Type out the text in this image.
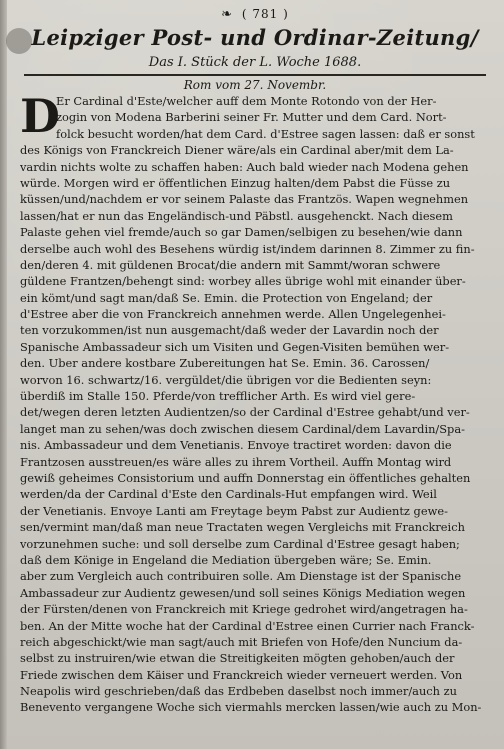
❧ ( 781 )
Leipziger Post- und Ordinar-Zeitung/
Das I. Stück der L. Woche 1688.
Rom vom 27. Novembr.
D
Er Cardinal d'Este/welcher auff dem Monte Rotondo von der Her-
zogin von Modena Barberini seiner Fr. Mutter und dem Card. Nort-
folck besucht worden/hat dem Card. d'Estree sagen lassen: daß er sonst
des Königs von Franckreich Diener wäre/als ein Cardinal aber/mit dem La-
vardin nichts wolte zu schaffen haben: Auch bald wieder nach Modena gehen
würde. Morgen wird er öffentlichen Einzug halten/dem Pabst die Füsse zu
küssen/und/nachdem er vor seinem Palaste das Frantzös. Wapen wegnehmen
lassen/hat er nun das Engeländisch-und Päbstl. ausgehenckt. Nach diesem
Palaste gehen viel fremde/auch so gar Damen/selbigen zu besehen/wie dann
derselbe auch wohl des Besehens würdig ist/indem darinnen 8. Zimmer zu fin-
den/deren 4. mit güldenen Brocat/die andern mit Sammt/woran schwere
güldene Frantzen/behengt sind: worbey alles übrige wohl mit einander über-
ein kömt/und sagt man/daß Se. Emin. die Protection von Engeland; der
d'Estree aber die von Franckreich annehmen werde. Allen Ungelegenhei-
ten vorzukommen/ist nun ausgemacht/daß weder der Lavardin noch der
Spanische Ambassadeur sich um Visiten und Gegen-Visiten bemühen wer-
den. Uber andere kostbare Zubereitungen hat Se. Emin. 36. Carossen/
worvon 16. schwartz/16. vergüldet/die übrigen vor die Bedienten seyn:
überdiß im Stalle 150. Pferde/von trefflicher Arth. Es wird viel gere-
det/wegen deren letzten Audientzen/so der Cardinal d'Estree gehabt/und ver-
langet man zu sehen/was doch zwischen diesem Cardinal/dem Lavardin/Spa-
nis. Ambassadeur und dem Venetianis. Envoye tractiret worden: davon die
Frantzosen ausstreuen/es wäre alles zu ihrem Vortheil. Auffn Montag wird
gewiß geheimes Consistorium und auffn Donnerstag ein öffentliches gehalten
werden/da der Cardinal d'Este den Cardinals-Hut empfangen wird. Weil
der Venetianis. Envoye Lanti am Freytage beym Pabst zur Audientz gewe-
sen/vermint man/daß man neue Tractaten wegen Vergleichs mit Franckreich
vorzunehmen suche: und soll derselbe zum Cardinal d'Estree gesagt haben;
daß dem Könige in Engeland die Mediation übergeben wäre; Se. Emin.
aber zum Vergleich auch contribuiren solle. Am Dienstage ist der Spanische
Ambassadeur zur Audientz gewesen/und soll seines Königs Mediation wegen
der Fürsten/denen von Franckreich mit Kriege gedrohet wird/angetragen ha-
ben. An der Mitte woche hat der Cardinal d'Estree einen Currier nach Franck-
reich abgeschickt/wie man sagt/auch mit Briefen von Hofe/den Nuncium da-
selbst zu instruiren/wie etwan die Streitigkeiten mögten gehoben/auch der
Friede zwischen dem Käiser und Franckreich wieder verneuert werden. Von
Neapolis wird geschrieben/daß das Erdbeben daselbst noch immer/auch zu
Benevento vergangene Woche sich viermahls mercken lassen/wie auch zu Mon-
